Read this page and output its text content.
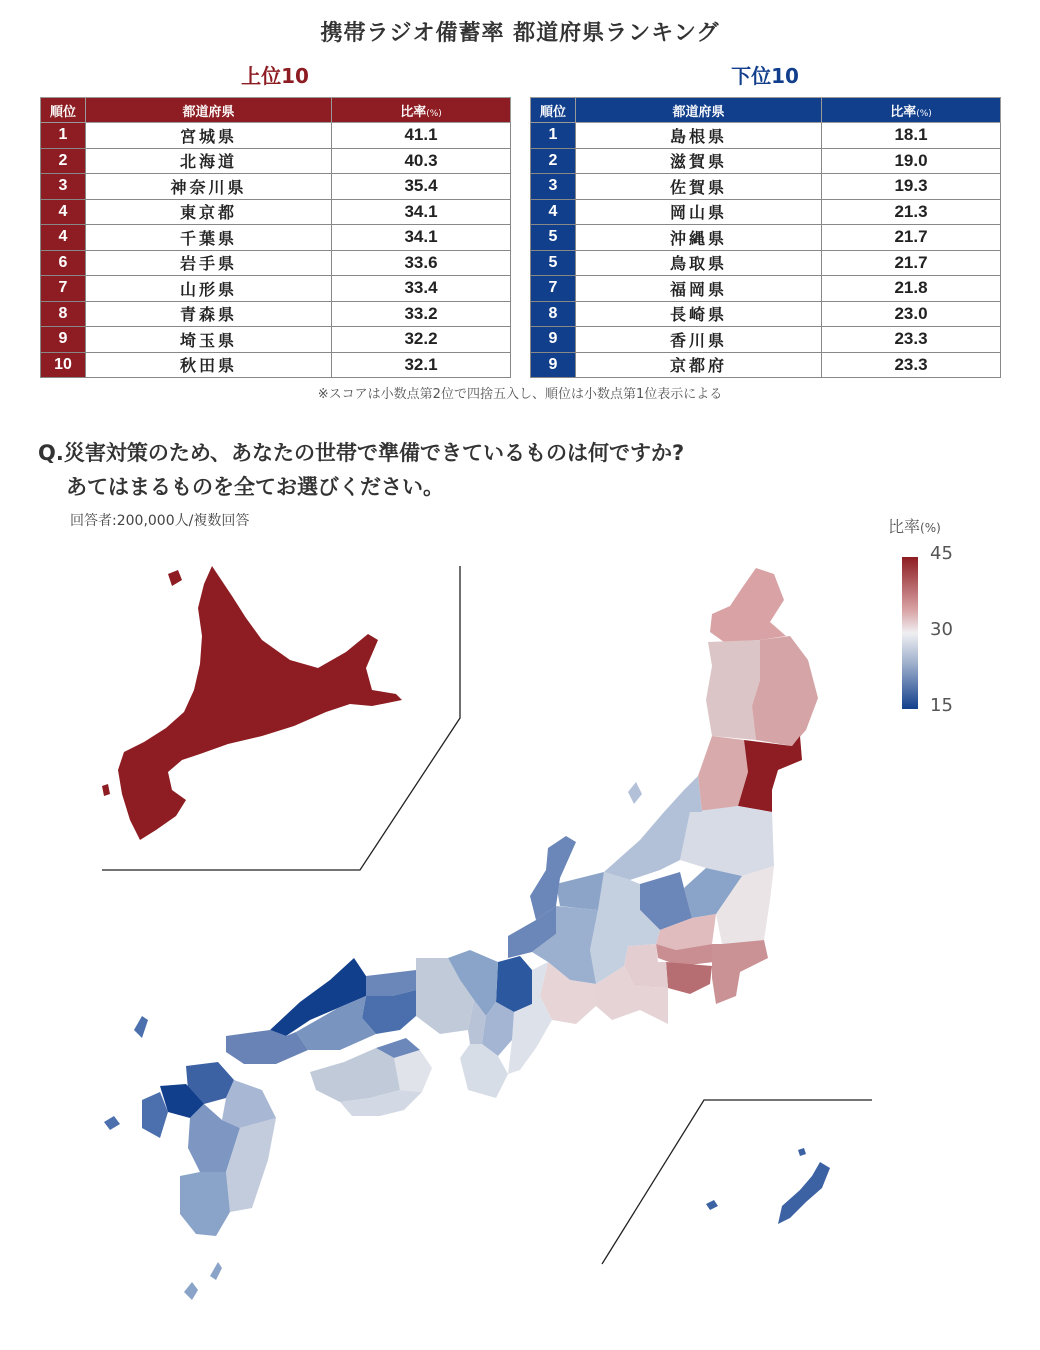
携帯ラジオ備蓄率 都道府県ランキング
上位10	下位10
順位	都道府県	比率(%)
1	宮城県	41.1
2	北海道	40.3
3	神奈川県	35.4
4	東京都	34.1
4	千葉県	34.1
6	岩手県	33.6
7	山形県	33.4
8	青森県	33.2
9	埼玉県	32.2
10	秋田県	32.1
順位	都道府県	比率(%)
1	島根県	18.1
2	滋賀県	19.0
3	佐賀県	19.3
4	岡山県	21.3
5	沖縄県	21.7
5	鳥取県	21.7
7	福岡県	21.8
8	長崎県	23.0
9	香川県	23.3
9	京都府	23.3
※スコアは小数点第2位で四捨五入し、順位は小数点第1位表示による
Q.災害対策のため、あなたの世帯で準備できているものは何ですか?
あてはまるものを全てお選びください。
回答者:200,000人/複数回答	比率(%)
45
30
15
